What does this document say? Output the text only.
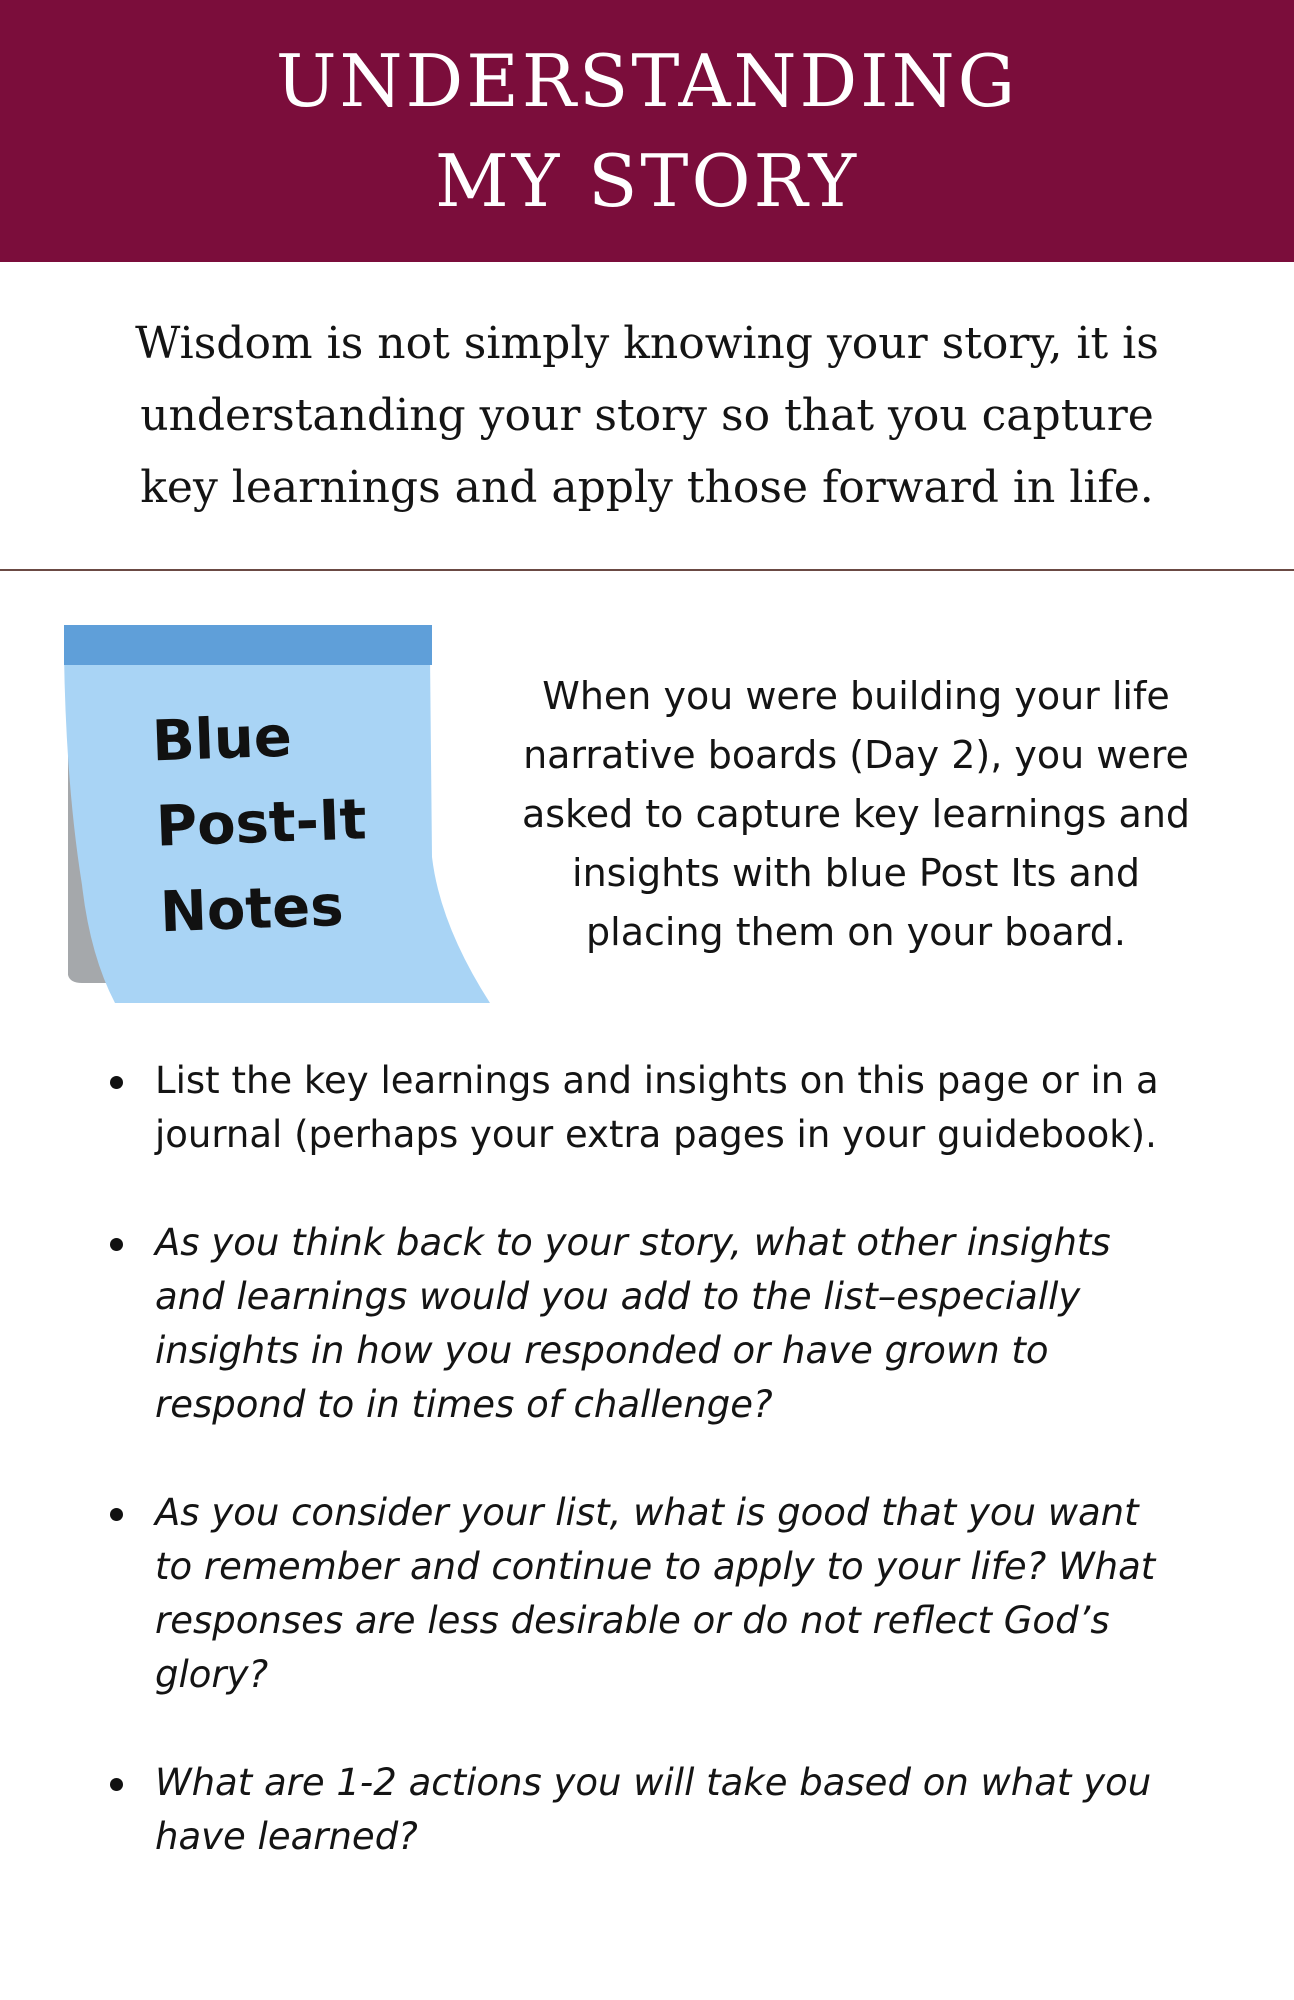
UNDERSTANDING
MY STORY
Wisdom is not simply knowing your story, it is
understanding your story so that you capture
key learnings and apply those forward in life.
Blue
Post-It
Notes
When you were building your life
narrative boards (Day 2), you were
asked to capture key learnings and
insights with blue Post Its and
placing them on your board.
List the key learnings and insights on this page or in a
journal (perhaps your extra pages in your guidebook).
As you think back to your story, what other insights
and learnings would you add to the list–especially
insights in how you responded or have grown to
respond to in times of challenge?
As you consider your list, what is good that you want
to remember and continue to apply to your life? What
responses are less desirable or do not reflect God’s
glory?
What are 1-2 actions you will take based on what you
have learned?
